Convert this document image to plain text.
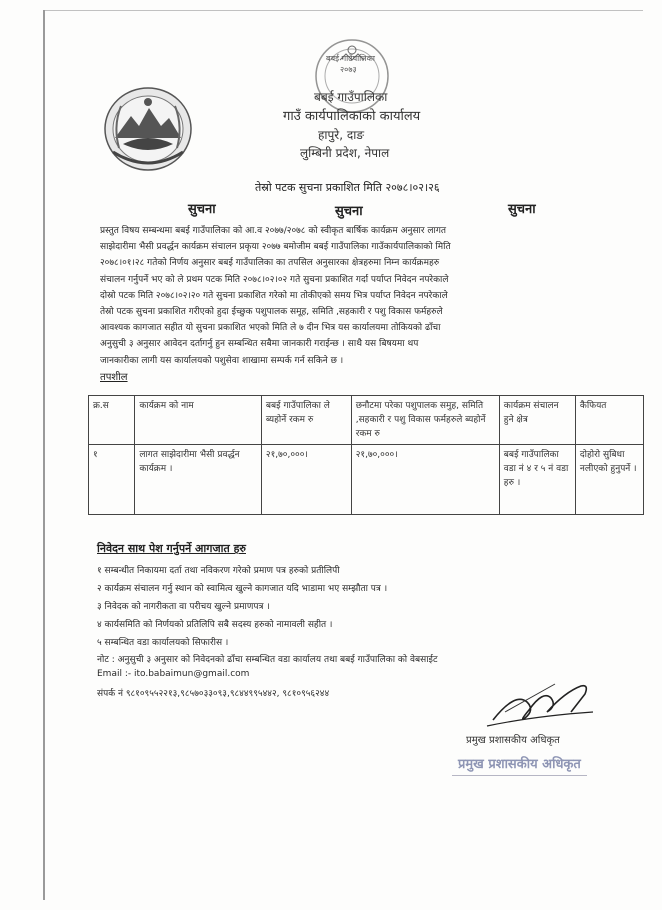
बबई गाउँपालिका
२०७३
बबई गाउँपालिका
गाउँ कार्यपालिकाको कार्यालय
हापुरे, दाङ
लुम्बिनी प्रदेश, नेपाल
तेस्रो पटक सुचना प्रकाशित मिति २०७८।०२।२६
सुचना	सुचना	सुचना
प्रस्तुत विषय सम्बन्धमा बबई गाउँपालिका को आ.व २०७७/२०७८ को स्वीकृत बार्षिक कार्यक्रम अनुसार लागत
साझेदारीमा भैसी प्रवर्द्धन कार्यक्रम संचालन प्रकृया २०७७ बमोजीम बबई गाउँपालिका गाउँकार्यपालिकाको मिति
२०७८।०१।२८ गतेको निर्णय अनुसार बबई गाउँपालिका का तपसिल अनुसारका क्षेत्रहरुमा निम्न कार्यक्रमहरु
संचालन गर्नुपर्ने भए को ले प्रथम पटक मिति २०७८।०२।०२ गते सुचना प्रकाशित गर्दा पर्याप्त निवेदन नपरेकाले
दोस्रो पटक मिति २०७८।०२।२० गते सुचना प्रकाशित गरेको मा तोकीएको समय भित्र पर्याप्त निवेदन नपरेकाले
तेस्रो पटक सुचना प्रकाशित गरीएको हुदा ईच्छुक पशुपालक समूह, समिति ,सहकारी र पशु विकास फर्महरुले
आवश्यक कागजात सहीत यो सुचना प्रकाशित भएको मिति ले ७ दीन भित्र यस कार्यालयमा तोकियको ढाँचा
अनुसुची ३ अनुसार आवेदन दर्तागर्नु हुन सम्बन्धित सबैमा जानकारी गराईन्छ । साथै यस बिषयमा थप
जानकारीका लागी यस कार्यालयको पशुसेवा शाखामा सम्पर्क गर्न सकिने छ ।
तपशील
क्र.स	कार्यक्रम को नाम	बबई गाउँपालिका ले ब्यहोर्ने रकम रु	छनौटमा परेका पशुपालक समुह, समिति ,सहकारी र पशु विकास फर्महरुले ब्यहोर्ने रकम रु	कार्यक्रम संचालन हुने क्षेत्र	कैफियत
१	लागत साझेदारीमा भैसी प्रवर्द्धन कार्यक्रम ।	२१,७०,०००।	२१,७०,०००।	बबई गाउँपालिका वडा नं ४ र ५ नं वडा हरु ।	दोहोरो सुबिधा नलीएको हुनुपर्ने ।
निवेदन साथ पेश गर्नुपर्ने आगजात हरु
१ सम्बन्धीत निकायमा दर्ता तथा नविकरण गरेको प्रमाण पत्र हरुको प्रतीलिपी
२ कार्यक्रम संचालन गर्नु स्थान को स्वामित्व खुल्ने कागजात यदि भाडामा भए सम्झौता पत्र ।
३ निवेदक को नागरीकता वा परीचय खुल्ने प्रमाणपत्र ।
४ कार्यसमिति को निर्णयको प्रतिलिपि सबै सदस्य हरुको नामावली सहीत ।
५ सम्बन्धित वडा कार्यालयको सिफारीस ।
नोट : अनुसुची ३ अनुसार को निवेदनको ढाँचा सम्बन्धित वडा कार्यालय तथा बबई गाउँपालिका को वेबसाईट
Email :- ito.babaimun@gmail.com
संपर्क नं ९८१०९५५२२१३,९८५७०३३०९३,९८४४९९५४४२, ९८१०९५६२४४
प्रमुख प्रशासकीय अधिकृत
प्रमुख प्रशासकीय अधिकृत
